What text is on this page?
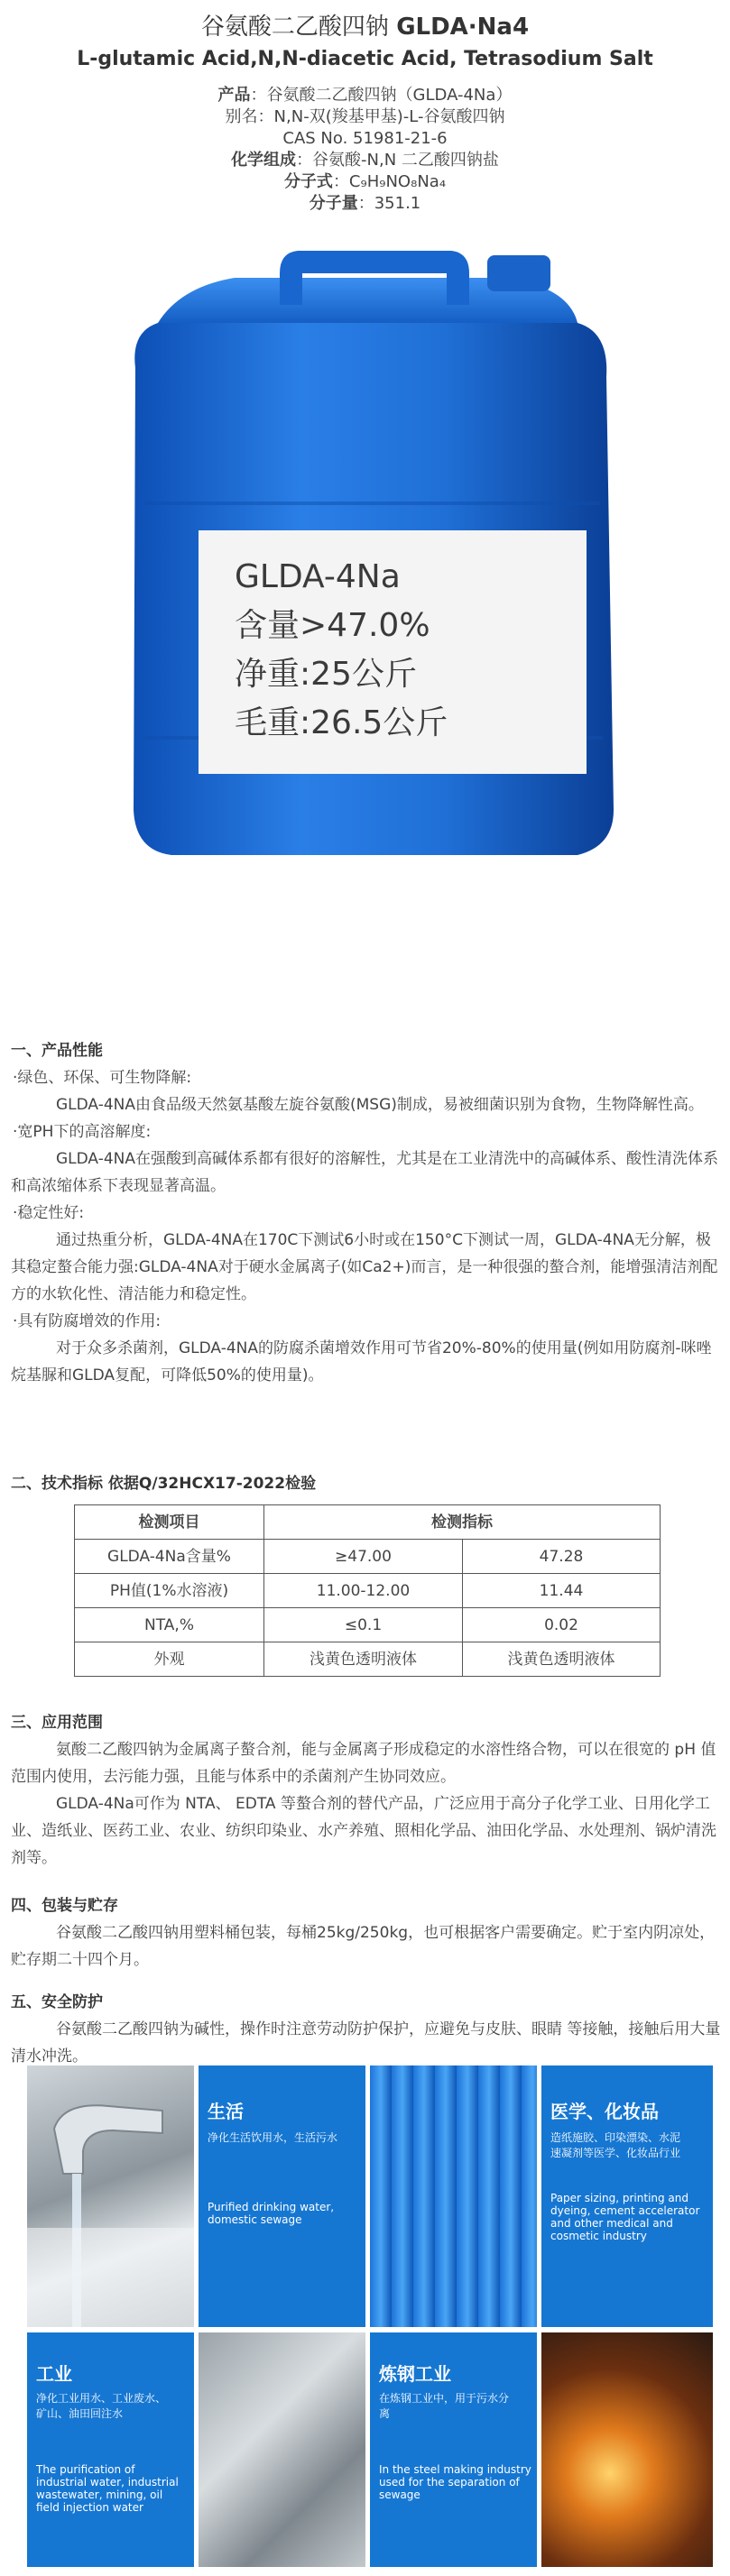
谷氨酸二乙酸四钠 GLDA·Na4
L-glutamic Acid,N,N-diacetic Acid, Tetrasodium Salt
产品：谷氨酸二乙酸四钠（GLDA-4Na）
别名：N,N-双(羧基甲基)-L-谷氨酸四钠
CAS No. 51981-21-6
化学组成：谷氨酸-N,N 二乙酸四钠盐
分子式：C₉H₉NO₈Na₄
分子量：351.1
GLDA-4Na
含量>47.0%
净重:25公斤
毛重:26.5公斤
一、产品性能
·绿色、环保、可生物降解:
GLDA-4NA由食品级天然氨基酸左旋谷氨酸(MSG)制成，易被细菌识别为食物，生物降解性高。
·宽PH下的高溶解度:
GLDA-4NA在强酸到高碱体系都有很好的溶解性，尤其是在工业清洗中的高碱体系、酸性清洗体系和高浓缩体系下表现显著高温。
·稳定性好:
通过热重分析，GLDA-4NA在170C下测试6小时或在150°C下测试一周，GLDA-4NA无分解，极其稳定螯合能力强:GLDA-4NA对于硬水金属离子(如Ca2+)而言，是一种很强的螯合剂，能增强清洁剂配方的水软化性、清洁能力和稳定性。
·具有防腐增效的作用:
对于众多杀菌剂，GLDA-4NA的防腐杀菌增效作用可节省20%-80%的使用量(例如用防腐剂-咪唑烷基脲和GLDA复配，可降低50%的使用量)。
二、技术指标 依据Q/32HCX17-2022检验
检测项目	检测指标	
GLDA-4Na含量%	≥47.00	47.28
PH值(1%水溶液)	11.00-12.00	11.44
NTA,%	≤0.1	0.02
外观	浅黄色透明液体	浅黄色透明液体
三、应用范围
氨酸二乙酸四钠为金属离子螯合剂，能与金属离子形成稳定的水溶性络合物，可以在很宽的 pH 值范围内使用，去污能力强，且能与体系中的杀菌剂产生协同效应。
GLDA-4Na可作为 NTA、 EDTA 等螯合剂的替代产品，广泛应用于高分子化学工业、日用化学工业、造纸业、医药工业、农业、纺织印染业、水产养殖、照相化学品、油田化学品、水处理剂、锅炉清洗剂等。
四、包装与贮存
谷氨酸二乙酸四钠用塑料桶包装，每桶25kg/250kg，也可根据客户需要确定。贮于室内阴凉处，贮存期二十四个月。
五、安全防护
谷氨酸二乙酸四钠为碱性，操作时注意劳动防护保护，应避免与皮肤、眼睛 等接触，接触后用大量清水冲洗。
生活
净化生活饮用水，生活污水
Purified drinking water, domestic sewage
医学、化妆品
造纸施胶、印染漂染、水泥速凝剂等医学、化妆品行业
Paper sizing, printing and dyeing, cement accelerator and other medical and cosmetic industry
工业
净化工业用水、工业废水、矿山、油田回注水
The purification of industrial water, industrial wastewater, mining, oil field injection water
炼钢工业
在炼钢工业中，用于污水分离
In the steel making industry used for the separation of sewage
